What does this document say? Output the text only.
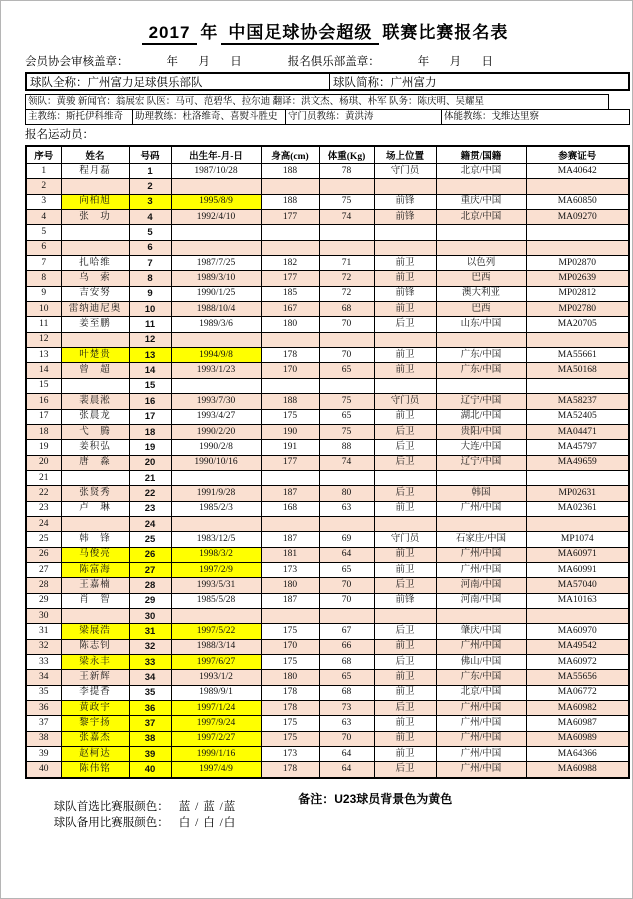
2017 年 中国足球协会超级 联赛比赛报名表
会员协会审核盖章：	年　 月　 日	报名俱乐部盖章：	年　 月　 日
球队全称：广州富力足球俱乐部队	球队简称：广州富力
领队：黄骏 新闻官：翁展宏 队医：马可、范碧华、拉尔迪 翻译：洪文杰、杨琪、朴军 队务：陈庆明、吴耀星
主教练：斯托伊科维奇	助理教练：杜洛维奇、喜熨斗胜史	守门员教练：黄洪涛	体能教练：戈维达里察
报名运动员：
序号	姓名	号码	出生年-月-日	身高(cm)	体重(Kg)	场上位置	籍贯/国籍	参赛证号
1	程月磊	1	1987/10/28	188	78	守门员	北京/中国	MA40642
2		2						
3	向柏旭	3	1995/8/9	188	75	前锋	重庆/中国	MA60850
4	张　功	4	1992/4/10	177	74	前锋	北京/中国	MA09270
5		5						
6		6						
7	扎哈维	7	1987/7/25	182	71	前卫	以色列	MP02870
8	乌　索	8	1989/3/10	177	72	前卫	巴西	MP02639
9	吉安努	9	1990/1/25	185	72	前锋	澳大利亚	MP02812
10	雷纳迪尼奥	10	1988/10/4	167	68	前卫	巴西	MP02780
11	姜至鹏	11	1989/3/6	180	70	后卫	山东/中国	MA20705
12		12						
13	叶楚贵	13	1994/9/8	178	70	前卫	广东/中国	MA55661
14	曾　超	14	1993/1/23	170	65	前卫	广东/中国	MA50168
15		15						
16	裴晨淞	16	1993/7/30	188	75	守门员	辽宁/中国	MA58237
17	张晨龙	17	1993/4/27	175	65	前卫	湖北/中国	MA52405
18	弋　腾	18	1990/2/20	190	75	后卫	贵阳/中国	MA04471
19	姜积弘	19	1990/2/8	191	88	后卫	大连/中国	MA45797
20	唐　淼	20	1990/10/16	177	74	后卫	辽宁/中国	MA49659
21		21						
22	张贤秀	22	1991/9/28	187	80	后卫	韩国	MP02631
23	卢　琳	23	1985/2/3	168	63	前卫	广州/中国	MA02361
24		24						
25	韩　锋	25	1983/12/5	187	69	守门员	石家庄/中国	MP1074
26	马俊亮	26	1998/3/2	181	64	前卫	广州/中国	MA60971
27	陈富海	27	1997/2/9	173	65	前卫	广州/中国	MA60991
28	王嘉楠	28	1993/5/31	180	70	后卫	河南/中国	MA57040
29	肖　智	29	1985/5/28	187	70	前锋	河南/中国	MA10163
30		30						
31	梁展浩	31	1997/5/22	175	67	后卫	肇庆/中国	MA60970
32	陈志钊	32	1988/3/14	170	66	前卫	广州/中国	MA49542
33	梁永丰	33	1997/6/27	175	68	后卫	佛山/中国	MA60972
34	王新辉	34	1993/1/2	180	65	前卫	广东/中国	MA55656
35	李提香	35	1989/9/1	178	68	前卫	北京/中国	MA06772
36	黄政宇	36	1997/1/24	178	73	后卫	广州/中国	MA60982
37	黎宇扬	37	1997/9/24	175	63	前卫	广州/中国	MA60987
38	张嘉杰	38	1997/2/27	175	70	前卫	广州/中国	MA60989
39	赵柯达	39	1999/1/16	173	64	前卫	广州/中国	MA64366
40	陈伟铭	40	1997/4/9	178	64	后卫	广州/中国	MA60988

球队首选比赛服颜色： 蓝 / 蓝 /蓝

球队备用比赛服颜色： 白 / 白 /白

备注：U23球员背景色为黄色
